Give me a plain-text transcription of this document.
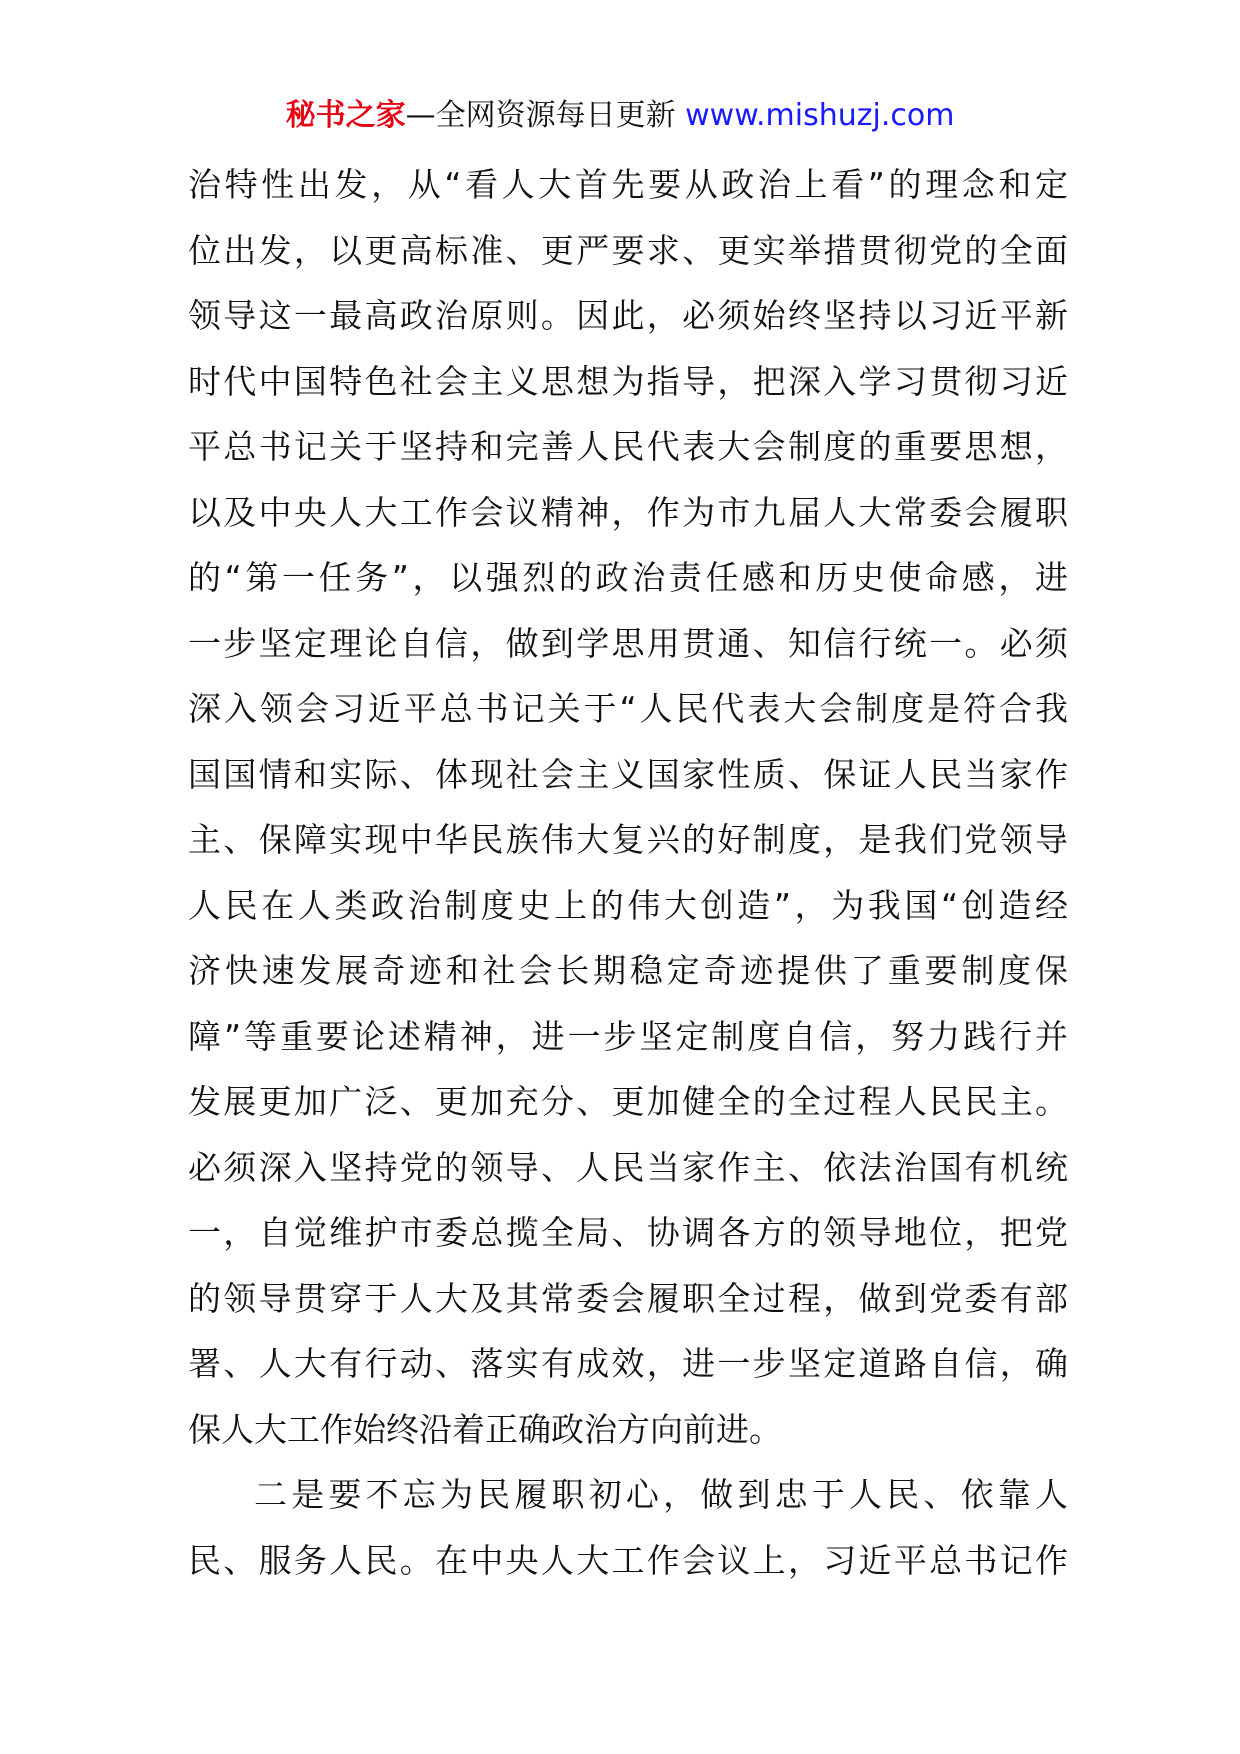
秘书之家—全网资源每日更新 www.mishuzj.com
治特性出发，从“看人大首先要从政治上看”的理念和定
位出发，以更高标准、更严要求、更实举措贯彻党的全面
领导这一最高政治原则。因此，必须始终坚持以习近平新
时代中国特色社会主义思想为指导，把深入学习贯彻习近
平总书记关于坚持和完善人民代表大会制度的重要思想，
以及中央人大工作会议精神，作为市九届人大常委会履职
的“第一任务”，以强烈的政治责任感和历史使命感，进
一步坚定理论自信，做到学思用贯通、知信行统一。必须
深入领会习近平总书记关于“人民代表大会制度是符合我
国国情和实际、体现社会主义国家性质、保证人民当家作
主、保障实现中华民族伟大复兴的好制度，是我们党领导
人民在人类政治制度史上的伟大创造”，为我国“创造经
济快速发展奇迹和社会长期稳定奇迹提供了重要制度保
障”等重要论述精神，进一步坚定制度自信，努力践行并
发展更加广泛、更加充分、更加健全的全过程人民民主。
必须深入坚持党的领导、人民当家作主、依法治国有机统
一，自觉维护市委总揽全局、协调各方的领导地位，把党
的领导贯穿于人大及其常委会履职全过程，做到党委有部
署、人大有行动、落实有成效，进一步坚定道路自信，确
保人大工作始终沿着正确政治方向前进。
二是要不忘为民履职初心，做到忠于人民、依靠人
民、服务人民。在中央人大工作会议上，习近平总书记作
